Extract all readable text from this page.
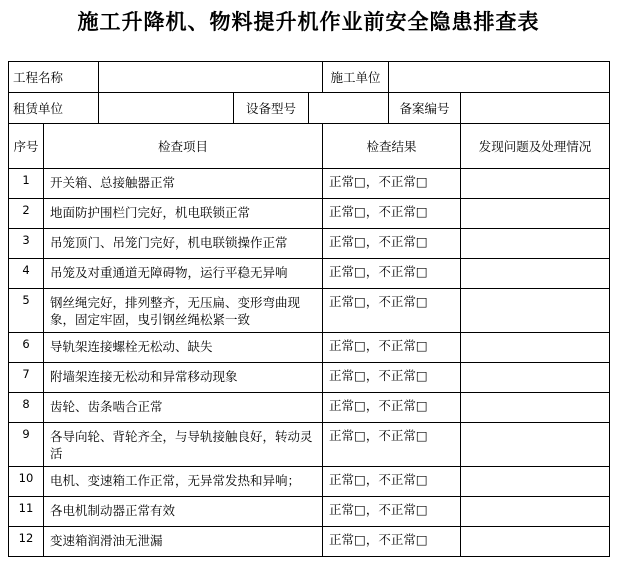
施工升降机、物料提升机作业前安全隐患排查表
工程名称					施工单位		
租赁单位			设备型号			备案编号	
序号	检查项目				检查结果		发现问题及处理情况
1	开关箱、总接触器正常				正常□，不正常□		
2	地面防护围栏门完好，机电联锁正常				正常□，不正常□		
3	吊笼顶门、吊笼门完好，机电联锁操作正常				正常□，不正常□		
4	吊笼及对重通道无障碍物，运行平稳无异响				正常□，不正常□		
5	钢丝绳完好，排列整齐，无压扁、变形弯曲现象，固定牢固，曳引钢丝绳松紧一致				正常□，不正常□		
6	导轨架连接螺栓无松动、缺失				正常□，不正常□		
7	附墙架连接无松动和异常移动现象				正常□，不正常□		
8	齿轮、齿条啮合正常				正常□，不正常□		
9	各导向轮、背轮齐全，与导轨接触良好，转动灵活				正常□，不正常□		
10	电机、变速箱工作正常，无异常发热和异响；				正常□，不正常□		
11	各电机制动器正常有效				正常□，不正常□		
12	变速箱润滑油无泄漏				正常□，不正常□		
